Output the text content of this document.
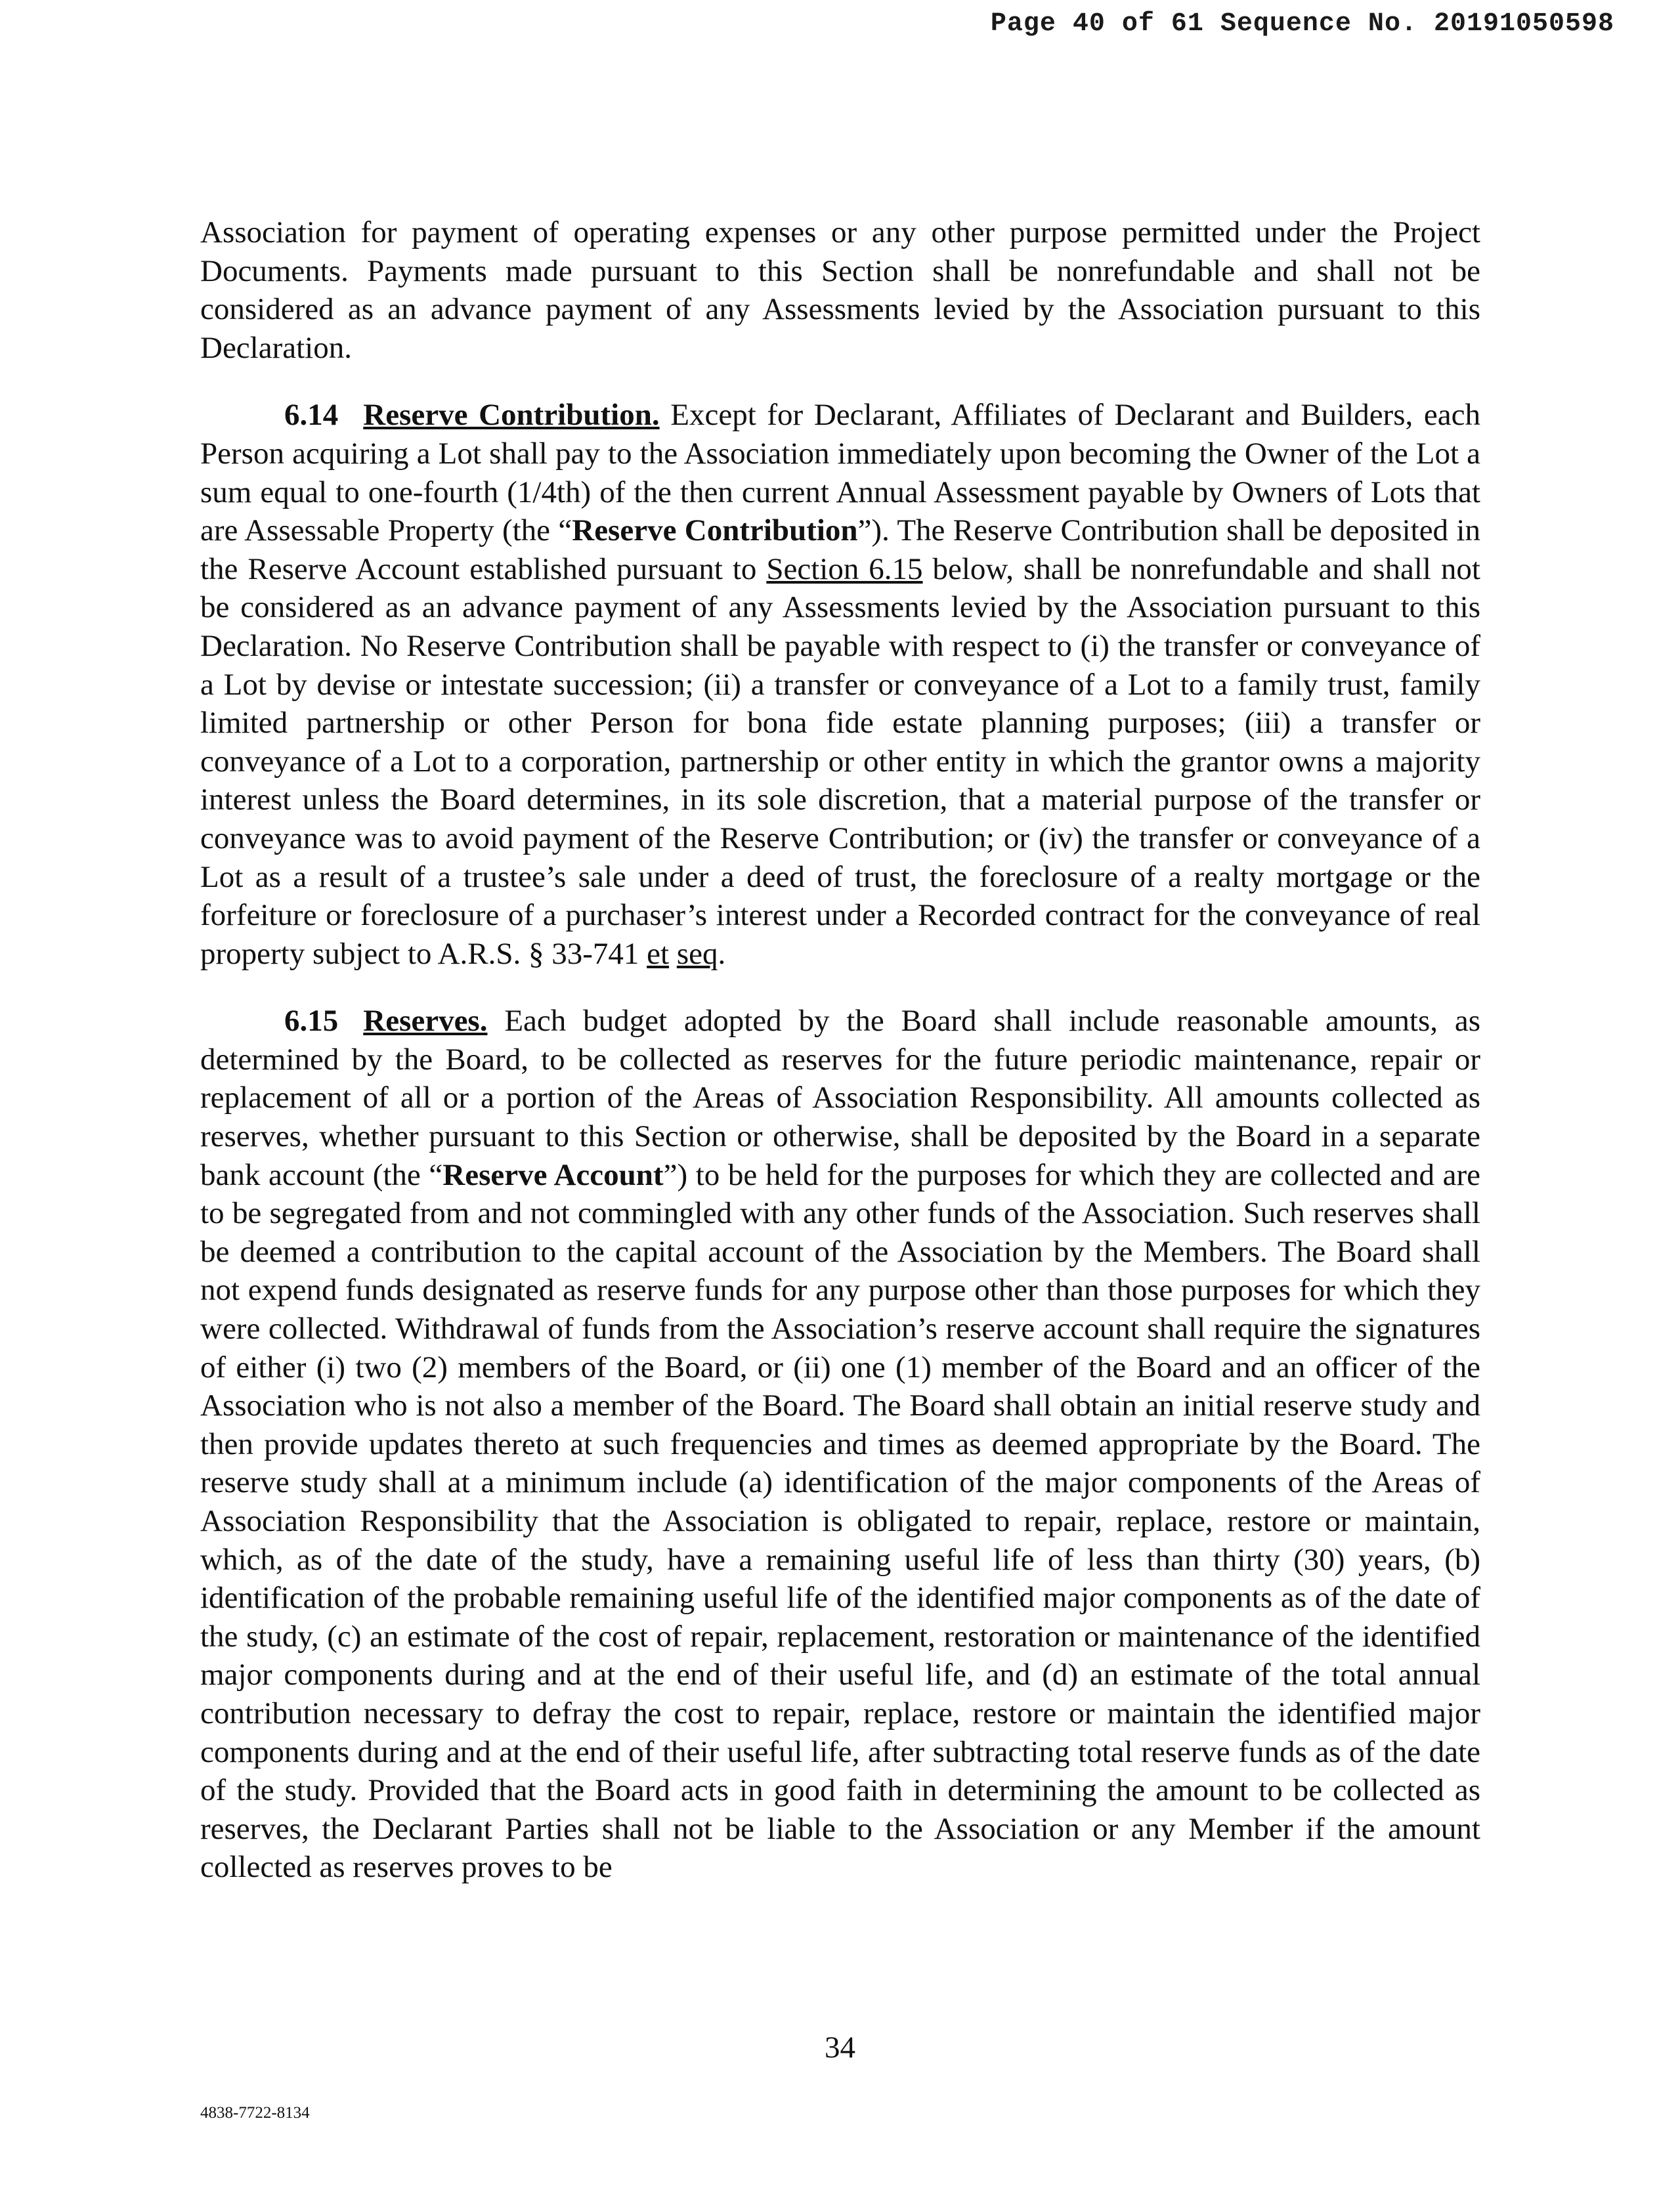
Page 40 of 61 Sequence No. 20191050598

Association for payment of operating expenses or any other purpose permitted under the Project Documents. Payments made pursuant to this Section shall be nonrefundable and shall not be considered as an advance payment of any Assessments levied by the Association pursuant to this Declaration.

6.14 Reserve Contribution. Except for Declarant, Affiliates of Declarant and Builders, each Person acquiring a Lot shall pay to the Association immediately upon becoming the Owner of the Lot a sum equal to one-fourth (1/4th) of the then current Annual Assessment payable by Owners of Lots that are Assessable Property (the “Reserve Contribution”). The Reserve Contribution shall be deposited in the Reserve Account established pursuant to Section 6.15 below, shall be nonrefundable and shall not be considered as an advance payment of any Assessments levied by the Association pursuant to this Declaration. No Reserve Contribution shall be payable with respect to (i) the transfer or conveyance of a Lot by devise or intestate succession; (ii) a transfer or conveyance of a Lot to a family trust, family limited partnership or other Person for bona fide estate planning purposes; (iii) a transfer or conveyance of a Lot to a corporation, partnership or other entity in which the grantor owns a majority interest unless the Board determines, in its sole discretion, that a material purpose of the transfer or conveyance was to avoid payment of the Reserve Contribution; or (iv) the transfer or conveyance of a Lot as a result of a trustee’s sale under a deed of trust, the foreclosure of a realty mortgage or the forfeiture or foreclosure of a purchaser’s interest under a Recorded contract for the conveyance of real property subject to A.R.S. § 33-741 et seq.

6.15 Reserves. Each budget adopted by the Board shall include reasonable amounts, as determined by the Board, to be collected as reserves for the future periodic maintenance, repair or replacement of all or a portion of the Areas of Association Responsibility. All amounts collected as reserves, whether pursuant to this Section or otherwise, shall be deposited by the Board in a separate bank account (the “Reserve Account”) to be held for the purposes for which they are collected and are to be segregated from and not commingled with any other funds of the Association. Such reserves shall be deemed a contribution to the capital account of the Association by the Members. The Board shall not expend funds designated as reserve funds for any purpose other than those purposes for which they were collected. Withdrawal of funds from the Association’s reserve account shall require the signatures of either (i) two (2) members of the Board, or (ii) one (1) member of the Board and an officer of the Association who is not also a member of the Board. The Board shall obtain an initial reserve study and then provide updates thereto at such frequencies and times as deemed appropriate by the Board. The reserve study shall at a minimum include (a) identification of the major components of the Areas of Association Responsibility that the Association is obligated to repair, replace, restore or maintain, which, as of the date of the study, have a remaining useful life of less than thirty (30) years, (b) identification of the probable remaining useful life of the identified major components as of the date of the study, (c) an estimate of the cost of repair, replacement, restoration or maintenance of the identified major components during and at the end of their useful life, and (d) an estimate of the total annual contribution necessary to defray the cost to repair, replace, restore or maintain the identified major components during and at the end of their useful life, after subtracting total reserve funds as of the date of the study. Provided that the Board acts in good faith in determining the amount to be collected as reserves, the Declarant Parties shall not be liable to the Association or any Member if the amount collected as reserves proves to be

34
4838-7722-8134
